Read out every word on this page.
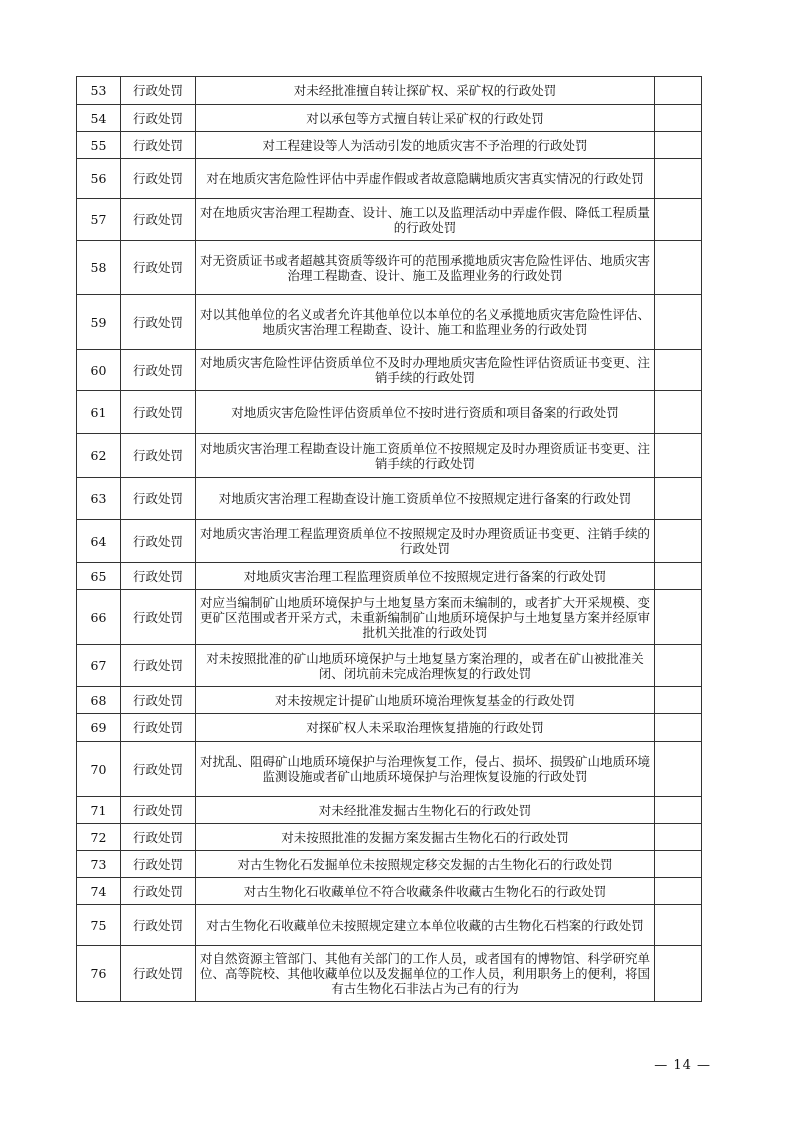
53	行政处罚	对未经批准擅自转让探矿权、采矿权的行政处罚	
54	行政处罚	对以承包等方式擅自转让采矿权的行政处罚	
55	行政处罚	对工程建设等人为活动引发的地质灾害不予治理的行政处罚	
56	行政处罚	对在地质灾害危险性评估中弄虚作假或者故意隐瞒地质灾害真实情况的行政处罚	
57	行政处罚	对在地质灾害治理工程勘查、设计、施工以及监理活动中弄虚作假、降低工程质量的行政处罚	
58	行政处罚	对无资质证书或者超越其资质等级许可的范围承揽地质灾害危险性评估、地质灾害治理工程勘查、设计、施工及监理业务的行政处罚	
59	行政处罚	对以其他单位的名义或者允许其他单位以本单位的名义承揽地质灾害危险性评估、地质灾害治理工程勘查、设计、施工和监理业务的行政处罚	
60	行政处罚	对地质灾害危险性评估资质单位不及时办理地质灾害危险性评估资质证书变更、注销手续的行政处罚	
61	行政处罚	对地质灾害危险性评估资质单位不按时进行资质和项目备案的行政处罚	
62	行政处罚	对地质灾害治理工程勘查设计施工资质单位不按照规定及时办理资质证书变更、注销手续的行政处罚	
63	行政处罚	对地质灾害治理工程勘查设计施工资质单位不按照规定进行备案的行政处罚	
64	行政处罚	对地质灾害治理工程监理资质单位不按照规定及时办理资质证书变更、注销手续的行政处罚	
65	行政处罚	对地质灾害治理工程监理资质单位不按照规定进行备案的行政处罚	
66	行政处罚	对应当编制矿山地质环境保护与土地复垦方案而未编制的，或者扩大开采规模、变更矿区范围或者开采方式，未重新编制矿山地质环境保护与土地复垦方案并经原审批机关批准的行政处罚	
67	行政处罚	对未按照批准的矿山地质环境保护与土地复垦方案治理的，或者在矿山被批准关闭、闭坑前未完成治理恢复的行政处罚	
68	行政处罚	对未按规定计提矿山地质环境治理恢复基金的行政处罚	
69	行政处罚	对探矿权人未采取治理恢复措施的行政处罚	
70	行政处罚	对扰乱、阻碍矿山地质环境保护与治理恢复工作，侵占、损坏、损毁矿山地质环境监测设施或者矿山地质环境保护与治理恢复设施的行政处罚	
71	行政处罚	对未经批准发掘古生物化石的行政处罚	
72	行政处罚	对未按照批准的发掘方案发掘古生物化石的行政处罚	
73	行政处罚	对古生物化石发掘单位未按照规定移交发掘的古生物化石的行政处罚	
74	行政处罚	对古生物化石收藏单位不符合收藏条件收藏古生物化石的行政处罚	
75	行政处罚	对古生物化石收藏单位未按照规定建立本单位收藏的古生物化石档案的行政处罚	
76	行政处罚	对自然资源主管部门、其他有关部门的工作人员，或者国有的博物馆、科学研究单位、高等院校、其他收藏单位以及发掘单位的工作人员，利用职务上的便利，将国有古生物化石非法占为己有的行为	
— 14 —
